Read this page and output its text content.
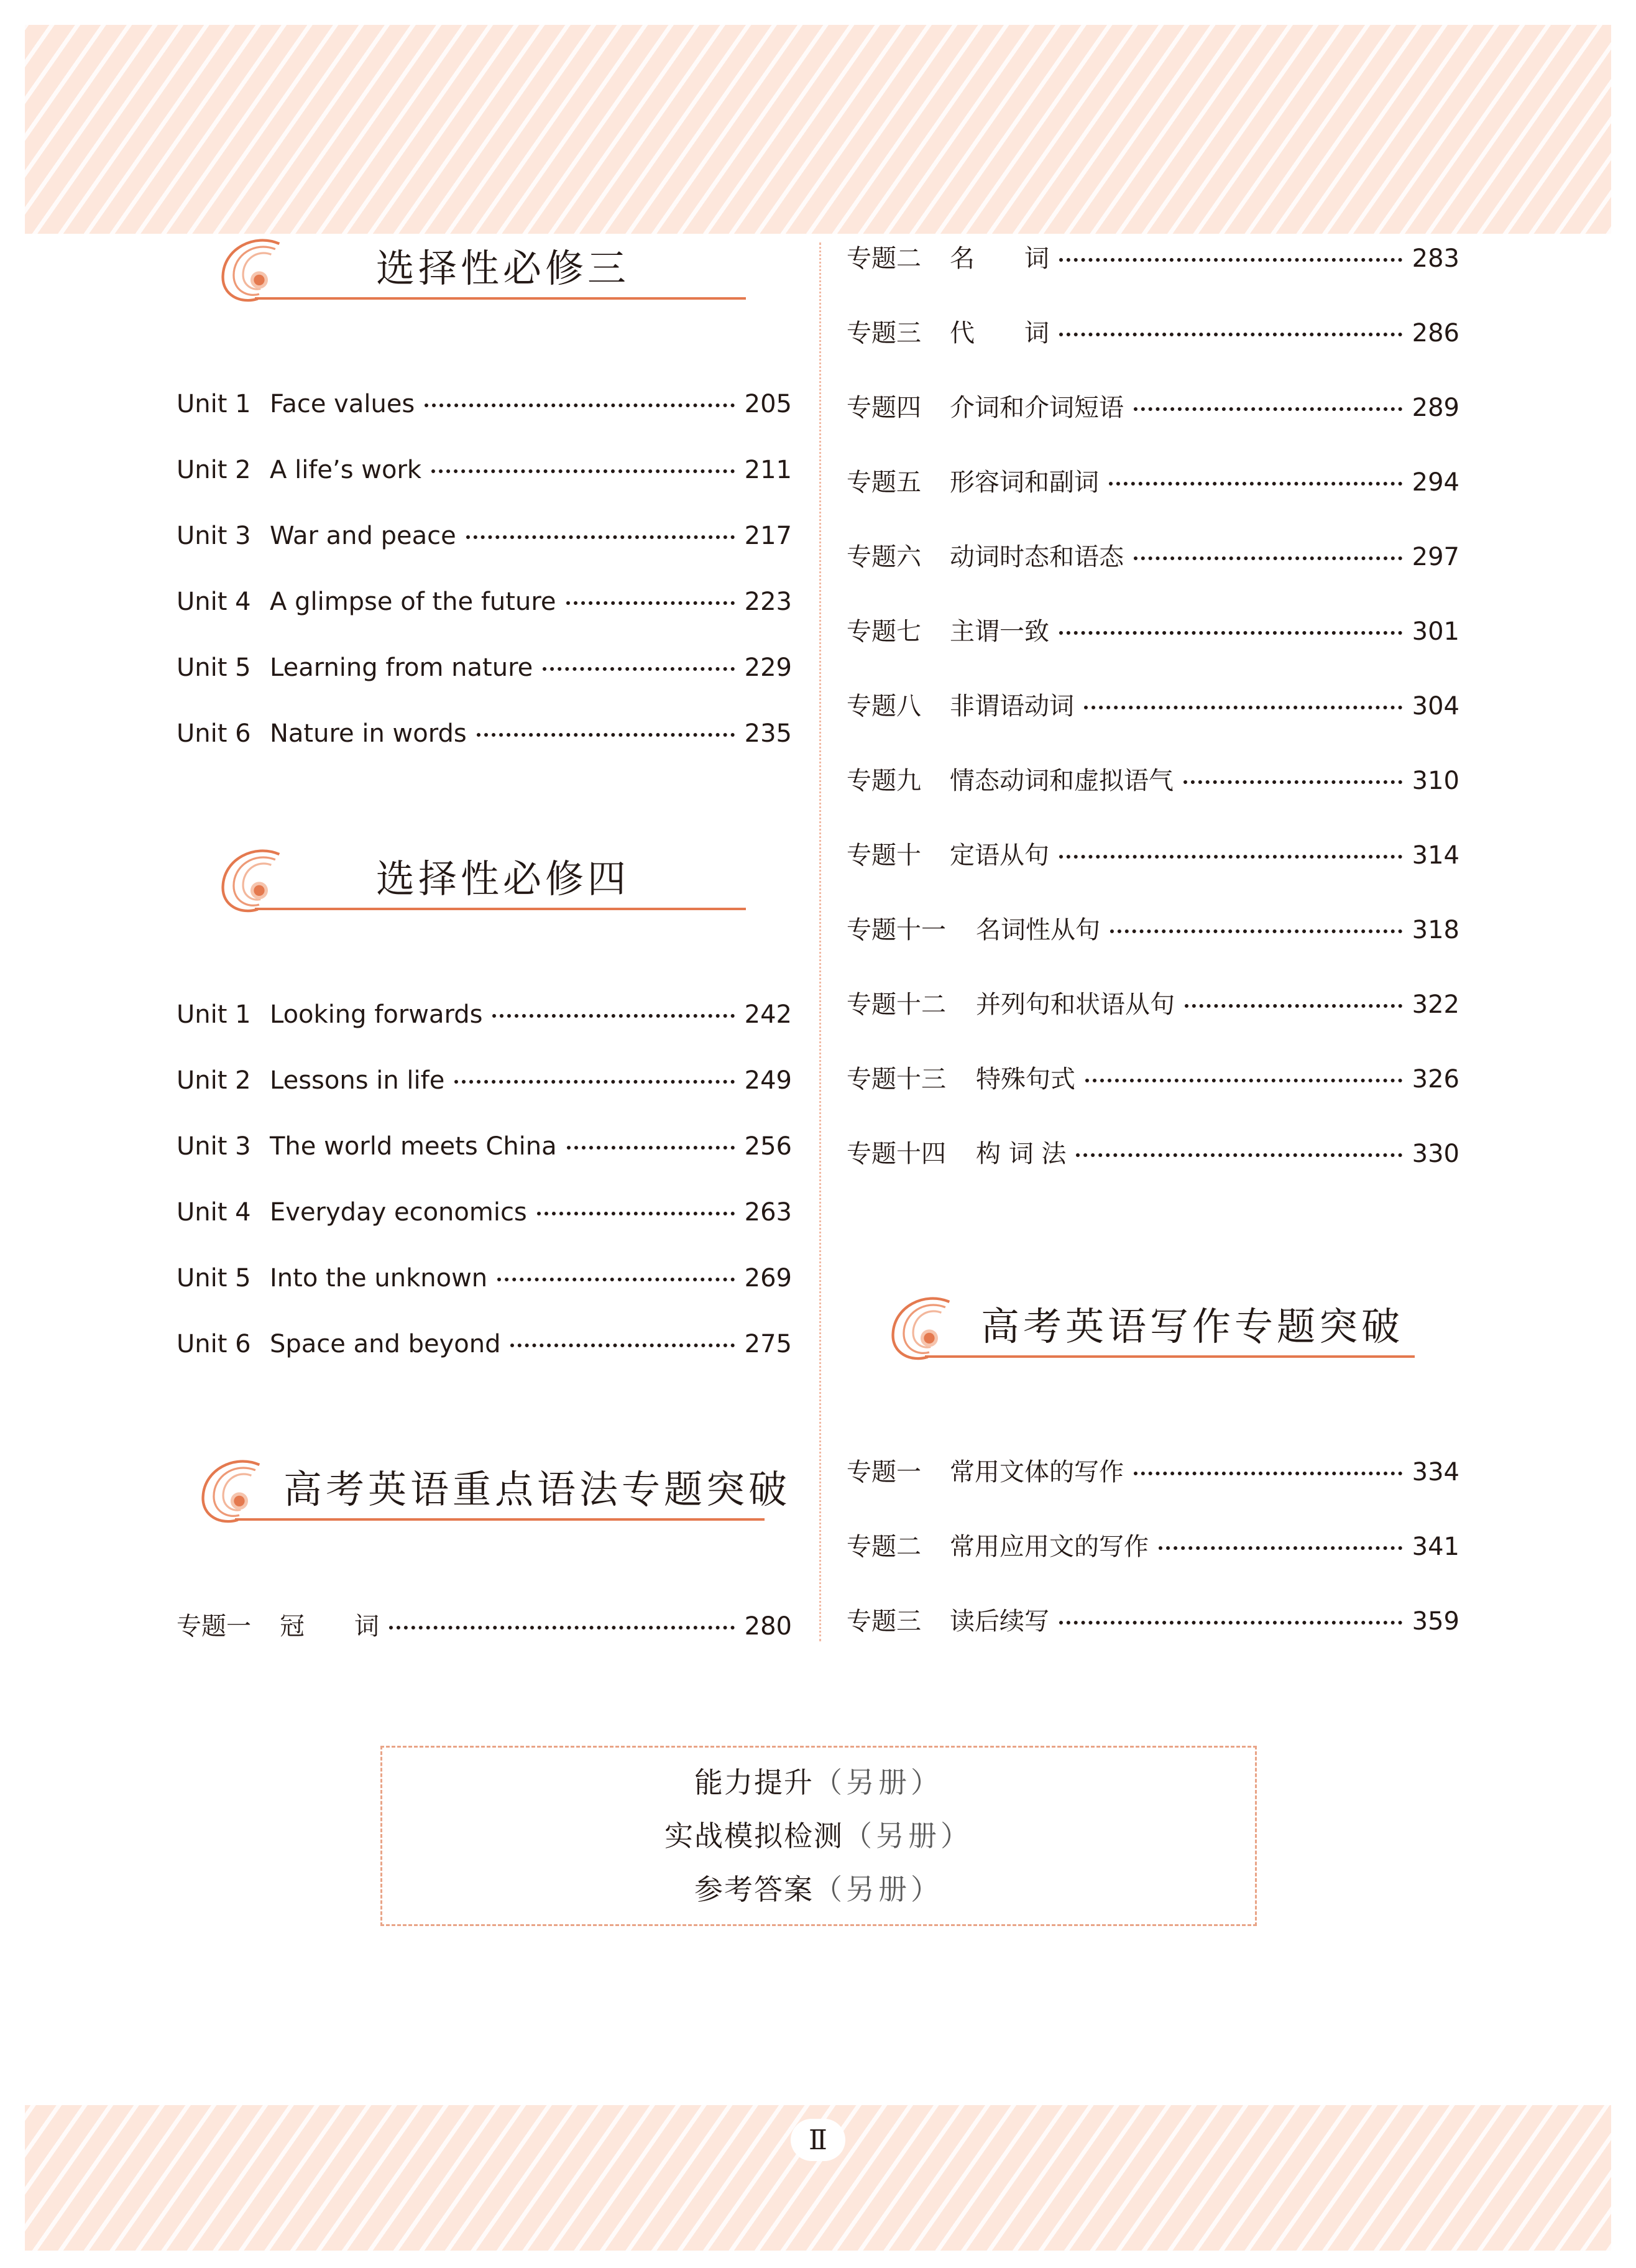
选择性必修三
Unit 1 Face values	205
Unit 2 A life’s work	211
Unit 3 War and peace	217
Unit 4 A glimpse of the future	223
Unit 5 Learning from nature	229
Unit 6 Nature in words	235
选择性必修四
Unit 1 Looking forwards	242
Unit 2 Lessons in life	249
Unit 3 The world meets China	256
Unit 4 Everyday economics	263
Unit 5 Into the unknown	269
Unit 6 Space and beyond	275
高考英语重点语法专题突破
专题一	冠　　词	280
专题二	名　　词	283
专题三	代　　词	286
专题四	介词和介词短语	289
专题五	形容词和副词	294
专题六	动词时态和语态	297
专题七	主谓一致	301
专题八	非谓语动词	304
专题九	情态动词和虚拟语气	310
专题十	定语从句	314
专题十一	名词性从句	318
专题十二	并列句和状语从句	322
专题十三	特殊句式	326
专题十四	构 词 法	330
高考英语写作专题突破
专题一	常用文体的写作	334
专题二	常用应用文的写作	341
专题三	读后续写	359
能力提升（另册）
实战模拟检测（另册）
参考答案（另册）
Ⅱ
